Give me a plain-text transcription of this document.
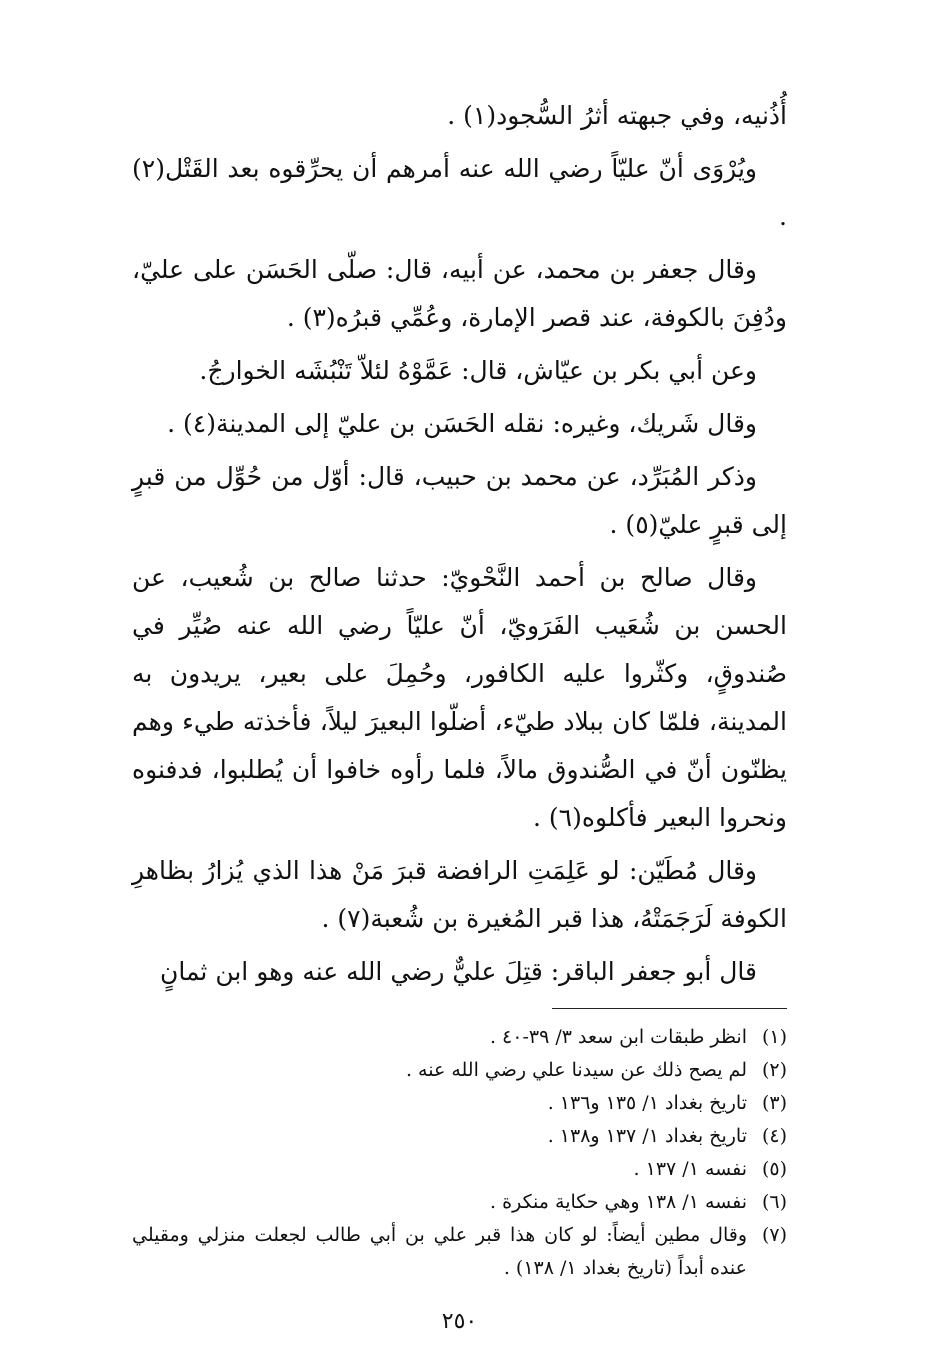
أُذُنيه، وفي جبهته أثرُ السُّجود(١) .

ويُرْوَى أنّ عليّاً رضي الله عنه أمرهم أن يحرِّقوه بعد القَتْل(٢) .

وقال جعفر بن محمد، عن أبيه، قال: صلّى الحَسَن على عليّ، ودُفِنَ بالكوفة، عند قصر الإمارة، وعُمِّي قبرُه(٣) .

وعن أبي بكر بن عيّاش، قال: عَمَّوْهُ لئلاّ تَنْبُشَه الخوارجُ.

وقال شَريك، وغيره: نقله الحَسَن بن عليّ إلى المدينة(٤) .

وذكر المُبَرِّد، عن محمد بن حبيب، قال: أوّل من حُوِّل من قبرٍ إلى قبرٍ عليّ(٥) .

وقال صالح بن أحمد النَّحْويّ: حدثنا صالح بن شُعيب، عن الحسن بن شُعَيب الفَرَويّ، أنّ عليّاً رضي الله عنه صُيِّر في صُندوقٍ، وكثّروا عليه الكافور، وحُمِلَ على بعير، يريدون به المدينة، فلمّا كان ببلاد طيّء، أضلّوا البعيرَ ليلاً، فأخذته طيء وهم يظنّون أنّ في الصُّندوق مالاً، فلما رأوه خافوا أن يُطلبوا، فدفنوه ونحروا البعير فأكلوه(٦) .

وقال مُطَيّن: لو عَلِمَتِ الرافضة قبرَ مَنْ هذا الذي يُزارُ بظاهرِ الكوفة لَرَجَمَتْهُ، هذا قبر المُغيرة بن شُعبة(٧) .

قال أبو جعفر الباقر: قتِلَ عليٌّ رضي الله عنه وهو ابن ثمانٍ

(١)
انظر طبقات ابن سعد ٣/ ٣٩-٤٠ .
(٢)
لم يصح ذلك عن سيدنا علي رضي الله عنه .
(٣)
تاريخ بغداد ١/ ١٣٥ و١٣٦ .
(٤)
تاريخ بغداد ١/ ١٣٧ و١٣٨ .
(٥)
نفسه ١/ ١٣٧ .
(٦)
نفسه ١/ ١٣٨ وهي حكاية منكرة .
(٧)
وقال مطين أيضاً: لو كان هذا قبر علي بن أبي طالب لجعلت منزلي ومقيلي عنده أبداً (تاريخ بغداد ١/ ١٣٨) .
٢٥٠
